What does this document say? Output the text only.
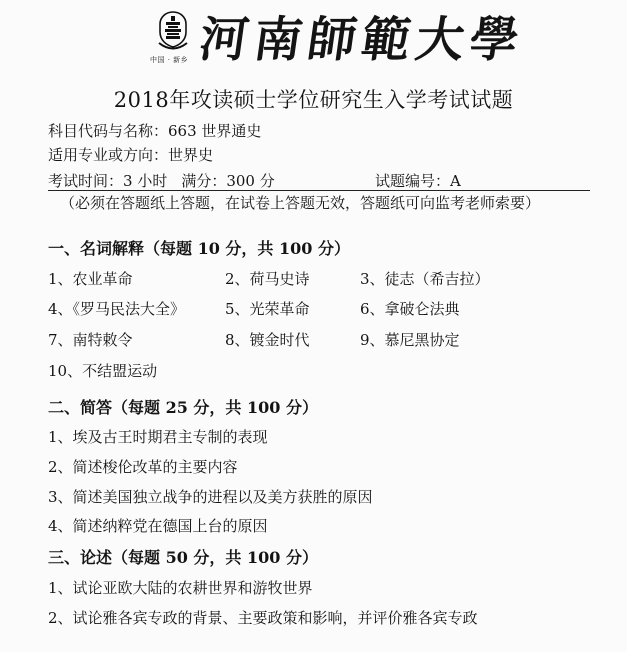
中国 · 新乡 河南師範大學
2018年攻读硕士学位研究生入学考试试题
科目代码与名称：663 世界通史
适用专业或方向：世界史
考试时间：3 小时 满分：300 分	试题编号：A
（必须在答题纸上答题，在试卷上答题无效，答题纸可向监考老师索要）
一、名词解释（每题 10 分，共 100 分）
1、农业革命	2、荷马史诗	3、徒志（希吉拉）
4、《罗马民法大全》	5、光荣革命	6、拿破仑法典
7、南特敕令	8、镀金时代	9、慕尼黑协定
10、不结盟运动
二、简答（每题 25 分，共 100 分）
1、埃及古王时期君主专制的表现
2、简述梭伦改革的主要内容
3、简述美国独立战争的进程以及美方获胜的原因
4、简述纳粹党在德国上台的原因
三、论述（每题 50 分，共 100 分）
1、试论亚欧大陆的农耕世界和游牧世界
2、试论雅各宾专政的背景、主要政策和影响，并评价雅各宾专政
